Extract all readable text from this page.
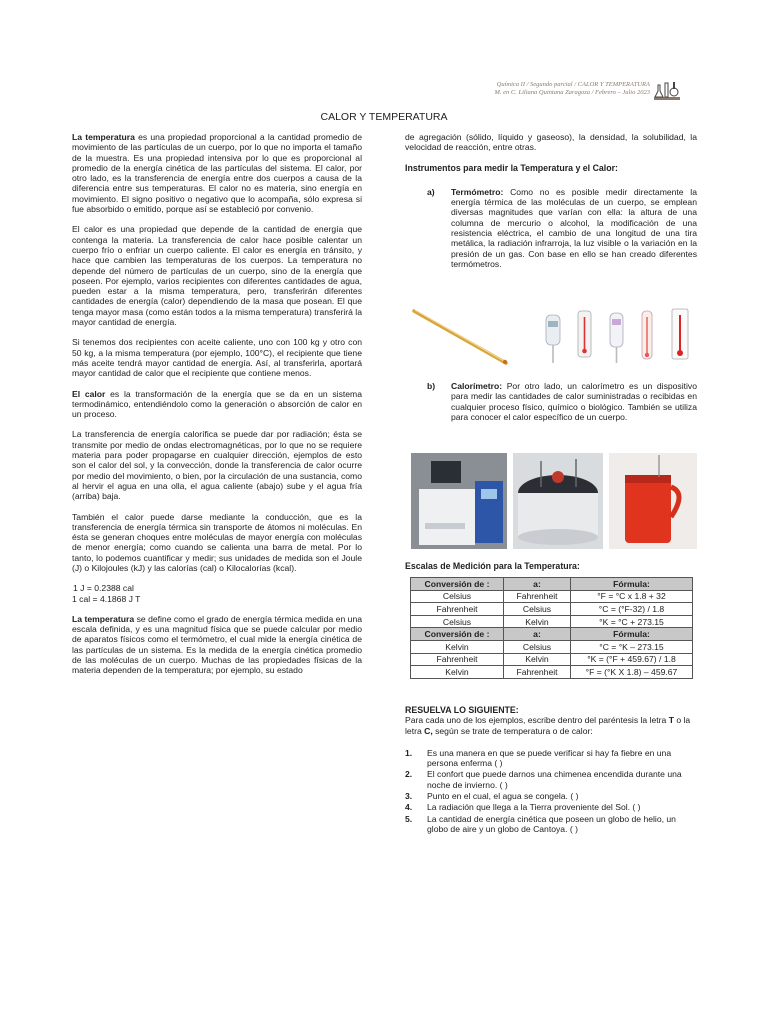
Química II / Segundo parcial / CALOR Y TEMPERATURA
M. en C. Liliana Quintana Zaragoza / Febrero – Julio 2023
CALOR Y TEMPERATURA

La temperatura es una propiedad proporcional a la cantidad promedio de movimiento de las partículas de un cuerpo, por lo que no importa el tamaño de la muestra. Es una propiedad intensiva por lo que es proporcional al promedio de la energía cinética de las partículas del sistema. El calor, por otro lado, es la transferencia de energía entre dos cuerpos a causa de la diferencia entre sus temperaturas. El calor no es materia, sino energía en movimiento. El signo positivo o negativo que lo acompaña, sólo expresa si fue absorbido o emitido, porque así se estableció por convenio.

El calor es una propiedad que depende de la cantidad de energía que contenga la materia. La transferencia de calor hace posible calentar un cuerpo frío o enfriar un cuerpo caliente. El calor es energía en tránsito, y hace que cambien las temperaturas de los cuerpos. La temperatura no depende del número de partículas de un cuerpo, sino de la energía que poseen. Por ejemplo, varios recipientes con diferentes cantidades de agua, pueden estar a la misma temperatura, pero, transferirán diferentes cantidades de energía (calor) dependiendo de la masa que posean. El que tenga mayor masa (como están todos a la misma temperatura) transferirá la mayor cantidad de energía.

Si tenemos dos recipientes con aceite caliente, uno con 100 kg y otro con 50 kg, a la misma temperatura (por ejemplo, 100°C), el recipiente que tiene más aceite tendrá mayor cantidad de energía. Así, al transferirla, aportará mayor cantidad de calor que el recipiente que contiene menos.

El calor es la transformación de la energía que se da en un sistema termodinámico, entendiéndolo como la generación o absorción de calor en un proceso.

La transferencia de energía calorífica se puede dar por radiación; ésta se transmite por medio de ondas electromagnéticas, por lo que no se requiere materia para poder propagarse en cualquier dirección, ejemplos de esto son el calor del sol, y la convección, donde la transferencia de calor ocurre por medio del movimiento, o bien, por la circulación de una sustancia, como al hervir el agua en una olla, el agua caliente (abajo) sube y el agua fría (arriba) baja.

También el calor puede darse mediante la conducción, que es la transferencia de energía térmica sin transporte de átomos ni moléculas. En ésta se generan choques entre moléculas de mayor energía con moléculas de menor energía; como cuando se calienta una barra de metal. Por lo tanto, lo podemos cuantificar y medir; sus unidades de medida son el Joule (J) o Kilojoules (kJ) y las calorías (cal) o Kilocalorías (kcal).

1 J = 0.2388 cal
1 cal = 4.1868 J T

La temperatura se define como el grado de energía térmica medida en una escala definida, y es una magnitud física que se puede calcular por medio de aparatos físicos como el termómetro, el cual mide la energía cinética de las partículas de un sistema. Es la medida de la energía cinética promedio de las moléculas de un cuerpo. Muchas de las propiedades físicas de la materia dependen de la temperatura; por ejemplo, su estado

de agregación (sólido, líquido y gaseoso), la densidad, la solubilidad, la velocidad de reacción, entre otras.

Instrumentos para medir la Temperatura y el Calor:
a)	Termómetro: Como no es posible medir directamente la energía térmica de las moléculas de un cuerpo, se emplean diversas magnitudes que varían con ella: la altura de una columna de mercurio o alcohol, la modificación de una resistencia eléctrica, el cambio de una longitud de una tira metálica, la radiación infrarroja, la luz visible o la variación en la presión de un gas. Con base en ello se han creado diferentes termómetros.
b)	Calorímetro: Por otro lado, un calorímetro es un dispositivo para medir las cantidades de calor suministradas o recibidas en cualquier proceso físico, químico o biológico. También se utiliza para conocer el calor específico de un cuerpo.
Escalas de Medición para la Temperatura:
Conversión de :	a:	Fórmula:
Celsius	Fahrenheit	°F = °C x 1.8 + 32
Fahrenheit	Celsius	°C = (°F-32) / 1.8
Celsius	Kelvin	°K = °C + 273.15
Conversión de :	a:	Fórmula:
Kelvin	Celsius	°C = °K – 273.15
Fahrenheit	Kelvin	°K = (°F + 459.67) / 1.8
Kelvin	Fahrenheit	°F = (°K X 1.8) – 459.67
RESUELVA LO SIGUIENTE:
Para cada uno de los ejemplos, escribe dentro del paréntesis la letra T o la letra C, según se trate de temperatura o de calor:
1.	Es una manera en que se puede verificar si hay fa fiebre en una persona enferma ( )
2.	El confort que puede darnos una chimenea encendida durante una noche de invierno. ( )
3.	Punto en el cual, el agua se congela. ( )
4.	La radiación que llega a la Tierra proveniente del Sol. ( )
5.	La cantidad de energía cinética que poseen un globo de helio, un globo de aire y un globo de Cantoya. ( )
